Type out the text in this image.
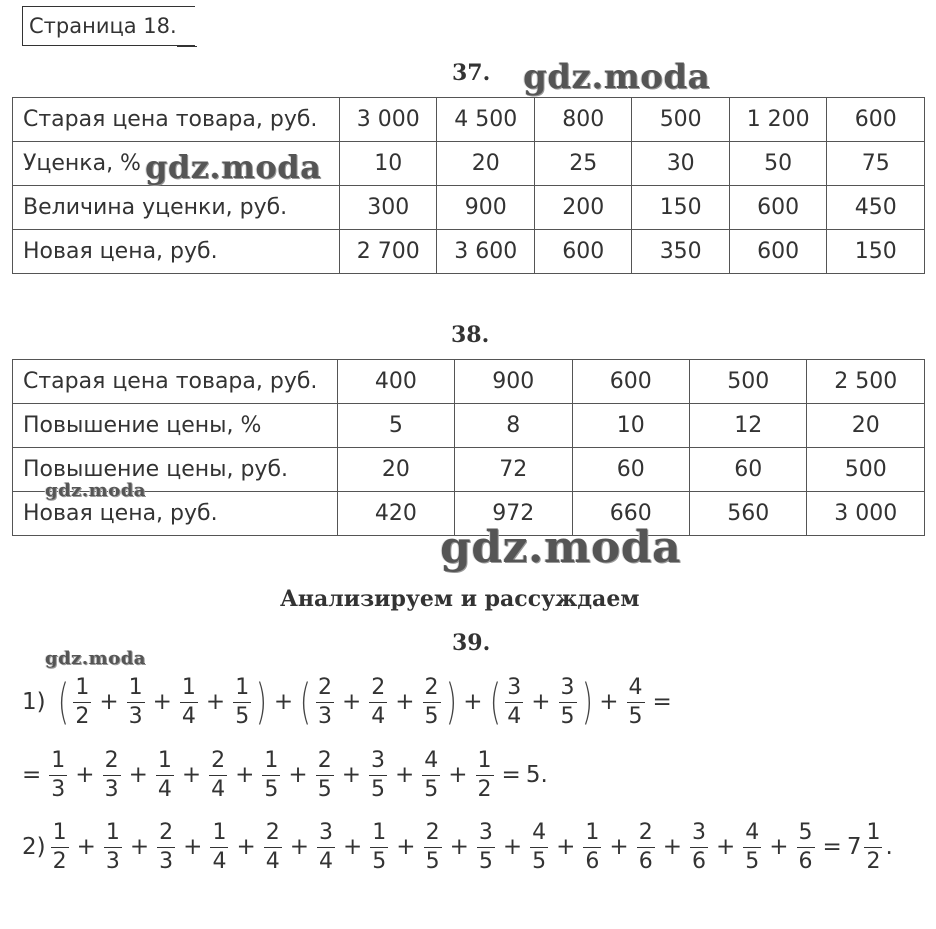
Страница 18.
37. gdz.moda
Старая цена товара, руб.	3 000	4 500	800	500	1 200	600
Уценка, %	10	20	25	30	50	75
Величина уценки, руб.	300	900	200	150	600	450
Новая цена, руб.	2 700	3 600	600	350	600	150
gdz.moda
38.
Старая цена товара, руб.	400	900	600	500	2 500
Повышение цены, %	5	8	10	12	20
Повышение цены, руб.	20	72	60	60	500
Новая цена, руб.	420	972	660	560	3 000
gdz.moda
gdz.moda
Анализируем и рассуждаем
39.
gdz.moda
1) ( $\frac{1}{2} + \frac{1}{3} + \frac{1}{4} + \frac{1}{5}$ ) + ( $\frac{2}{3} + \frac{2}{4} + \frac{2}{5}$ ) + ( $\frac{3}{4} + \frac{3}{5}$ ) + $\frac{4}{5}$ =
= $\frac{1}{3} + \frac{2}{3} + \frac{1}{4} + \frac{2}{4} + \frac{1}{5} + \frac{2}{5} + \frac{3}{5} + \frac{4}{5} + \frac{1}{2} = 5$.
$2) \frac{1}{2} + \frac{1}{3} + \frac{2}{3} + \frac{1}{4} + \frac{2}{4} + \frac{3}{4} + \frac{1}{5} + \frac{2}{5} + \frac{3}{5} + \frac{4}{5} + \frac{1}{6} + \frac{2}{6} + \frac{3}{6} + \frac{4}{5} + \frac{5}{6} = 7 \frac{1}{2}$ .
